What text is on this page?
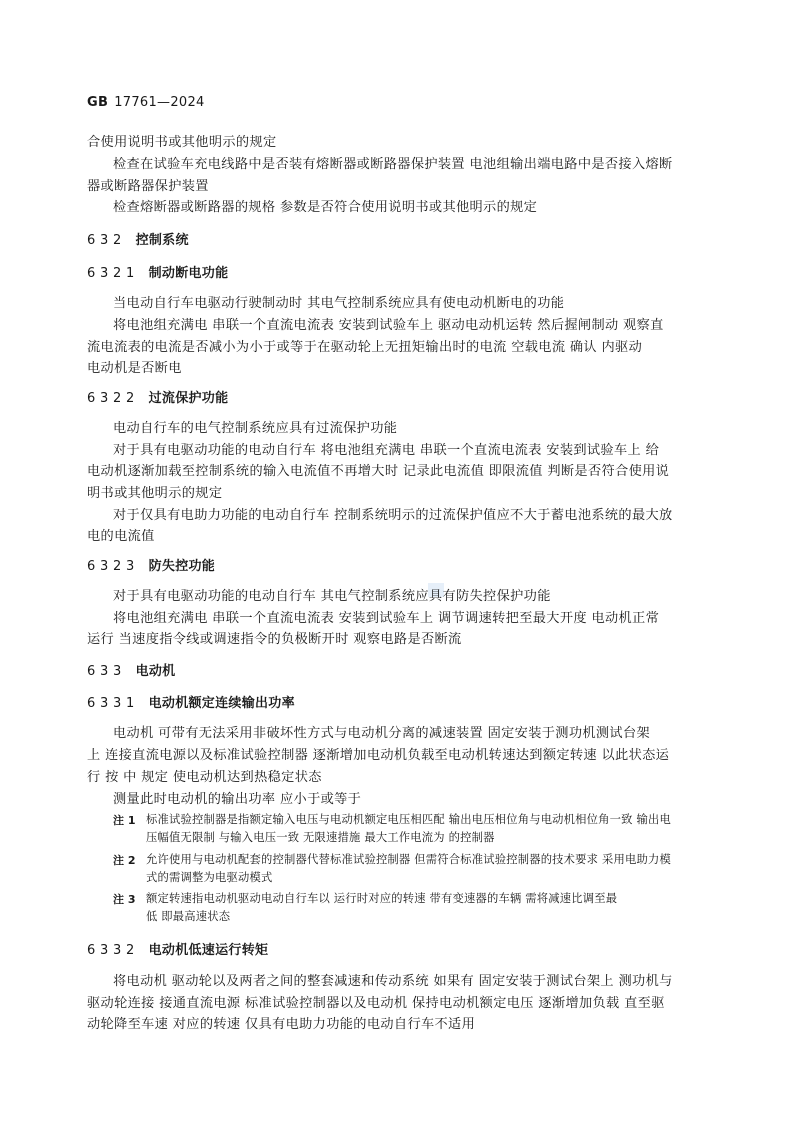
GB 17761—2024
合使用说明书或其他明示的规定
检查在试验车充电线路中是否装有熔断器或断路器保护装置 电池组输出端电路中是否接入熔断
器或断路器保护装置
检查熔断器或断路器的规格 参数是否符合使用说明书或其他明示的规定
6 3 2 控制系统
6 3 2 1 制动断电功能
当电动自行车电驱动行驶制动时 其电气控制系统应具有使电动机断电的功能
将电池组充满电 串联一个直流电流表 安装到试验车上 驱动电动机运转 然后握闸制动 观察直
流电流表的电流是否减小为小于或等于在驱动轮上无扭矩输出时的电流 空载电流 确认 内驱动
电动机是否断电
6 3 2 2 过流保护功能
电动自行车的电气控制系统应具有过流保护功能
对于具有电驱动功能的电动自行车 将电池组充满电 串联一个直流电流表 安装到试验车上 给
电动机逐渐加载至控制系统的输入电流值不再增大时 记录此电流值 即限流值 判断是否符合使用说
明书或其他明示的规定
对于仅具有电助力功能的电动自行车 控制系统明示的过流保护值应不大于蓄电池系统的最大放
电的电流值
6 3 2 3 防失控功能
对于具有电驱动功能的电动自行车 其电气控制系统应具有防失控保护功能
将电池组充满电 串联一个直流电流表 安装到试验车上 调节调速转把至最大开度 电动机正常
运行 当速度指令线或调速指令的负极断开时 观察电路是否断流
6 3 3 电动机
6 3 3 1 电动机额定连续输出功率
电动机 可带有无法采用非破坏性方式与电动机分离的减速装置 固定安装于测功机测试台架
上 连接直流电源以及标准试验控制器 逐渐增加电动机负载至电动机转速达到额定转速 以此状态运
行 按 中 规定 使电动机达到热稳定状态
测量此时电动机的输出功率 应小于或等于
注 1 标准试验控制器是指额定输入电压与电动机额定电压相匹配 输出电压相位角与电动机相位角一致 输出电
压幅值无限制 与输入电压一致 无限速措施 最大工作电流为 的控制器
注 2 允许使用与电动机配套的控制器代替标准试验控制器 但需符合标准试验控制器的技术要求 采用电助力模
式的需调整为电驱动模式
注 3 额定转速指电动机驱动电动自行车以 运行时对应的转速 带有变速器的车辆 需将减速比调至最
低 即最高速状态
6 3 3 2 电动机低速运行转矩
将电动机 驱动轮以及两者之间的整套减速和传动系统 如果有 固定安装于测试台架上 测功机与
驱动轮连接 接通直流电源 标准试验控制器以及电动机 保持电动机额定电压 逐渐增加负载 直至驱
动轮降至车速 对应的转速 仅具有电助力功能的电动自行车不适用
